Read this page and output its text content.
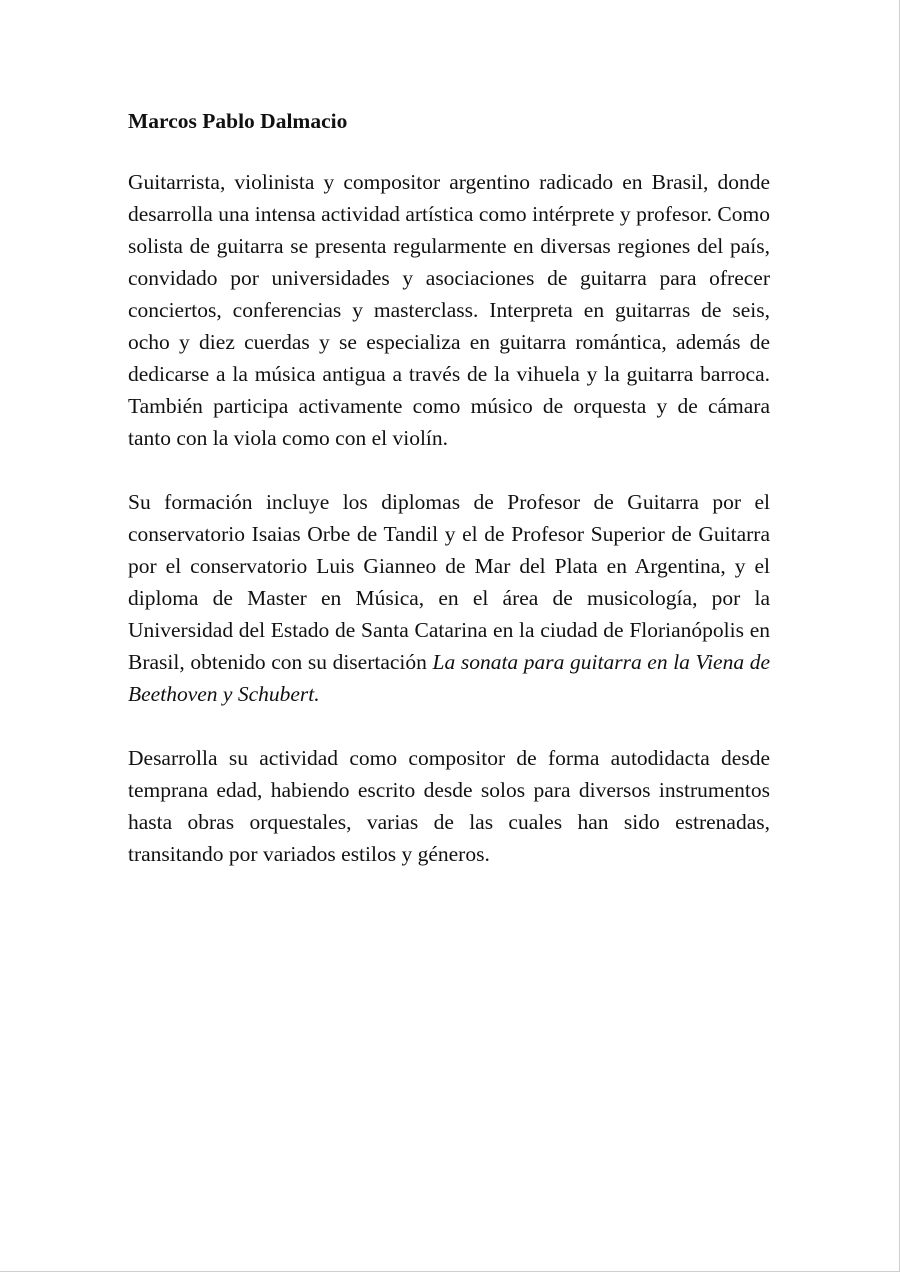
Marcos Pablo Dalmacio

Guitarrista, violinista y compositor argentino radicado en Brasil, donde desarrolla una intensa actividad artística como intérprete y profesor. Como solista de guitarra se presenta regularmente en diversas regiones del país, convidado por universidades y asociaciones de guitarra para ofrecer conciertos, conferencias y masterclass. Interpreta en guitarras de seis, ocho y diez cuerdas y se especializa en guitarra romántica, además de dedicarse a la música antigua a través de la vihuela y la guitarra barroca. También participa activamente como músico de orquesta y de cámara tanto con la viola como con el violín.

Su formación incluye los diplomas de Profesor de Guitarra por el conservatorio Isaias Orbe de Tandil y el de Profesor Superior de Guitarra por el conservatorio Luis Gianneo de Mar del Plata en Argentina, y el diploma de Master en Música, en el área de musicología, por la Universidad del Estado de Santa Catarina en la ciudad de Florianópolis en Brasil, obtenido con su disertación La sonata para guitarra en la Viena de Beethoven y Schubert.

Desarrolla su actividad como compositor de forma autodidacta desde temprana edad, habiendo escrito desde solos para diversos instrumentos hasta obras orquestales, varias de las cuales han sido estrenadas, transitando por variados estilos y géneros.
